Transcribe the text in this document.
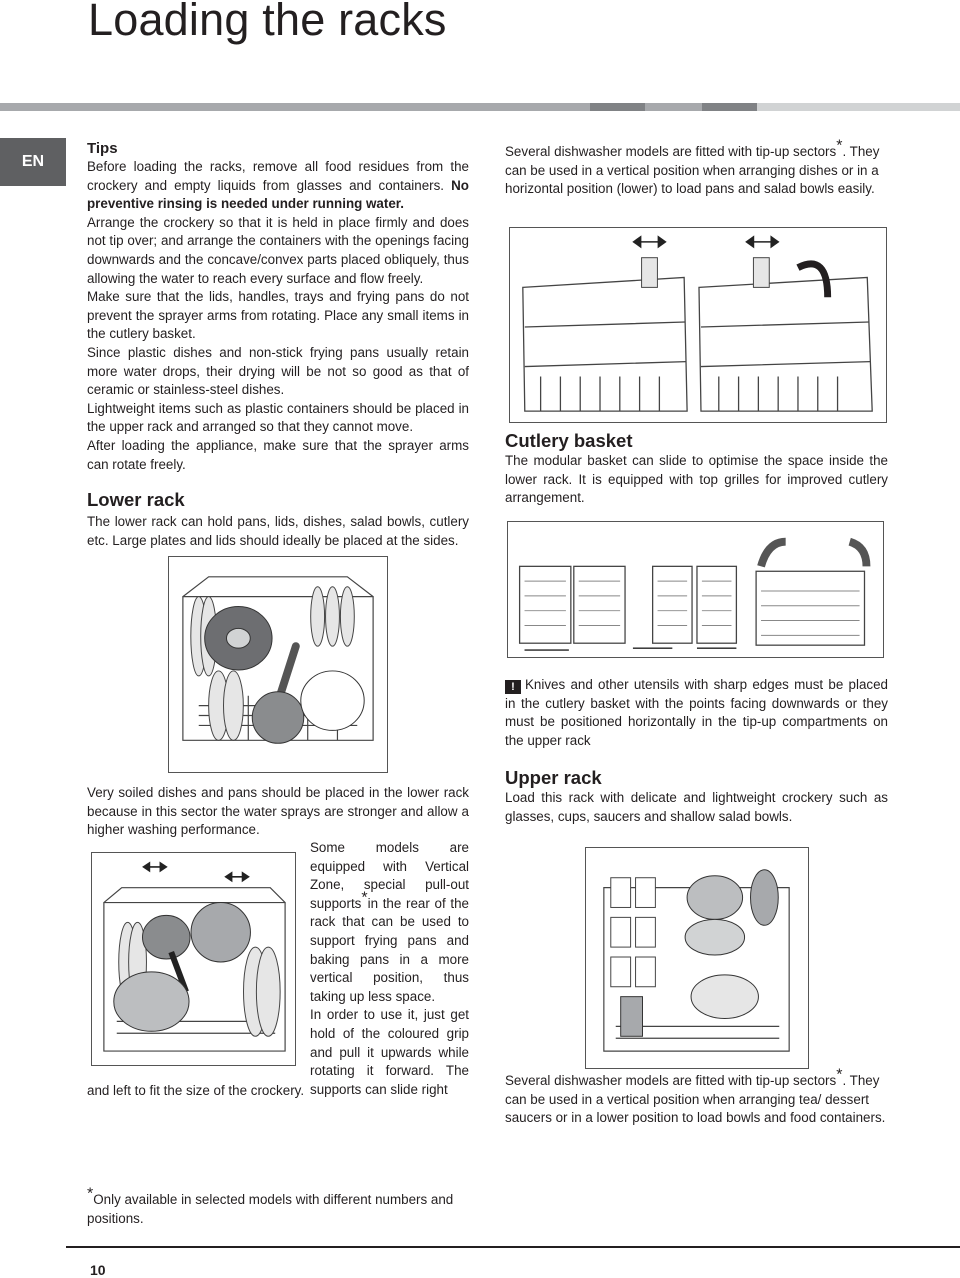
Loading the racks
EN
Tips

Before loading the racks, remove all food residues from the crockery and empty liquids from glasses and containers. No preventive rinsing is needed under running water.

Arrange the crockery so that it is held in place firmly and does not tip over; and arrange the containers with the openings facing downwards and the concave/convex parts placed obliquely, thus allowing the water to reach every surface and flow freely.

Make sure that the lids, handles, trays and frying pans do not prevent the sprayer arms from rotating. Place any small items in the cutlery basket.

Since plastic dishes and non-stick frying pans usually retain more water drops, their drying will be not so good as that of ceramic or stainless-steel dishes.

Lightweight items such as plastic containers should be placed in the upper rack and arranged so that they cannot move.

After loading the appliance, make sure that the sprayer arms can rotate freely.

Lower rack

The lower rack can hold pans, lids, dishes, salad bowls, cutlery etc. Large plates and lids should ideally be placed at the sides.

Very soiled dishes and pans should be placed in the lower rack because in this sector the water sprays are stronger and allow a higher washing performance.
Some models are equipped with Vertical Zone, special pull-out supports*in the rear of the rack that can be used to support frying pans and baking pans in a more vertical position, thus taking up less space.

In order to use it, just get hold of the coloured grip and pull it upwards while rotating it forward. The supports can slide right

and left to fit the size of the crockery.
Several dishwasher models are fitted with tip-up sectors*. They can be used in a vertical position when arranging dishes or in a horizontal position (lower) to load pans and salad bowls easily.
Cutlery basket

The modular basket can slide to optimise the space inside the lower rack. It is equipped with top grilles for improved cutlery arrangement.

! Knives and other utensils with sharp edges must be placed in the cutlery basket with the points facing downwards or they must be positioned horizontally in the tip-up compartments on the upper rack
Upper rack

Load this rack with delicate and lightweight crockery such as glasses, cups, saucers and shallow salad bowls.

Several dishwasher models are fitted with tip-up sectors*. They can be used in a vertical position when arranging tea/ dessert saucers or in a lower position to load bowls and food containers.
*Only available in selected models with different numbers and positions.
10
